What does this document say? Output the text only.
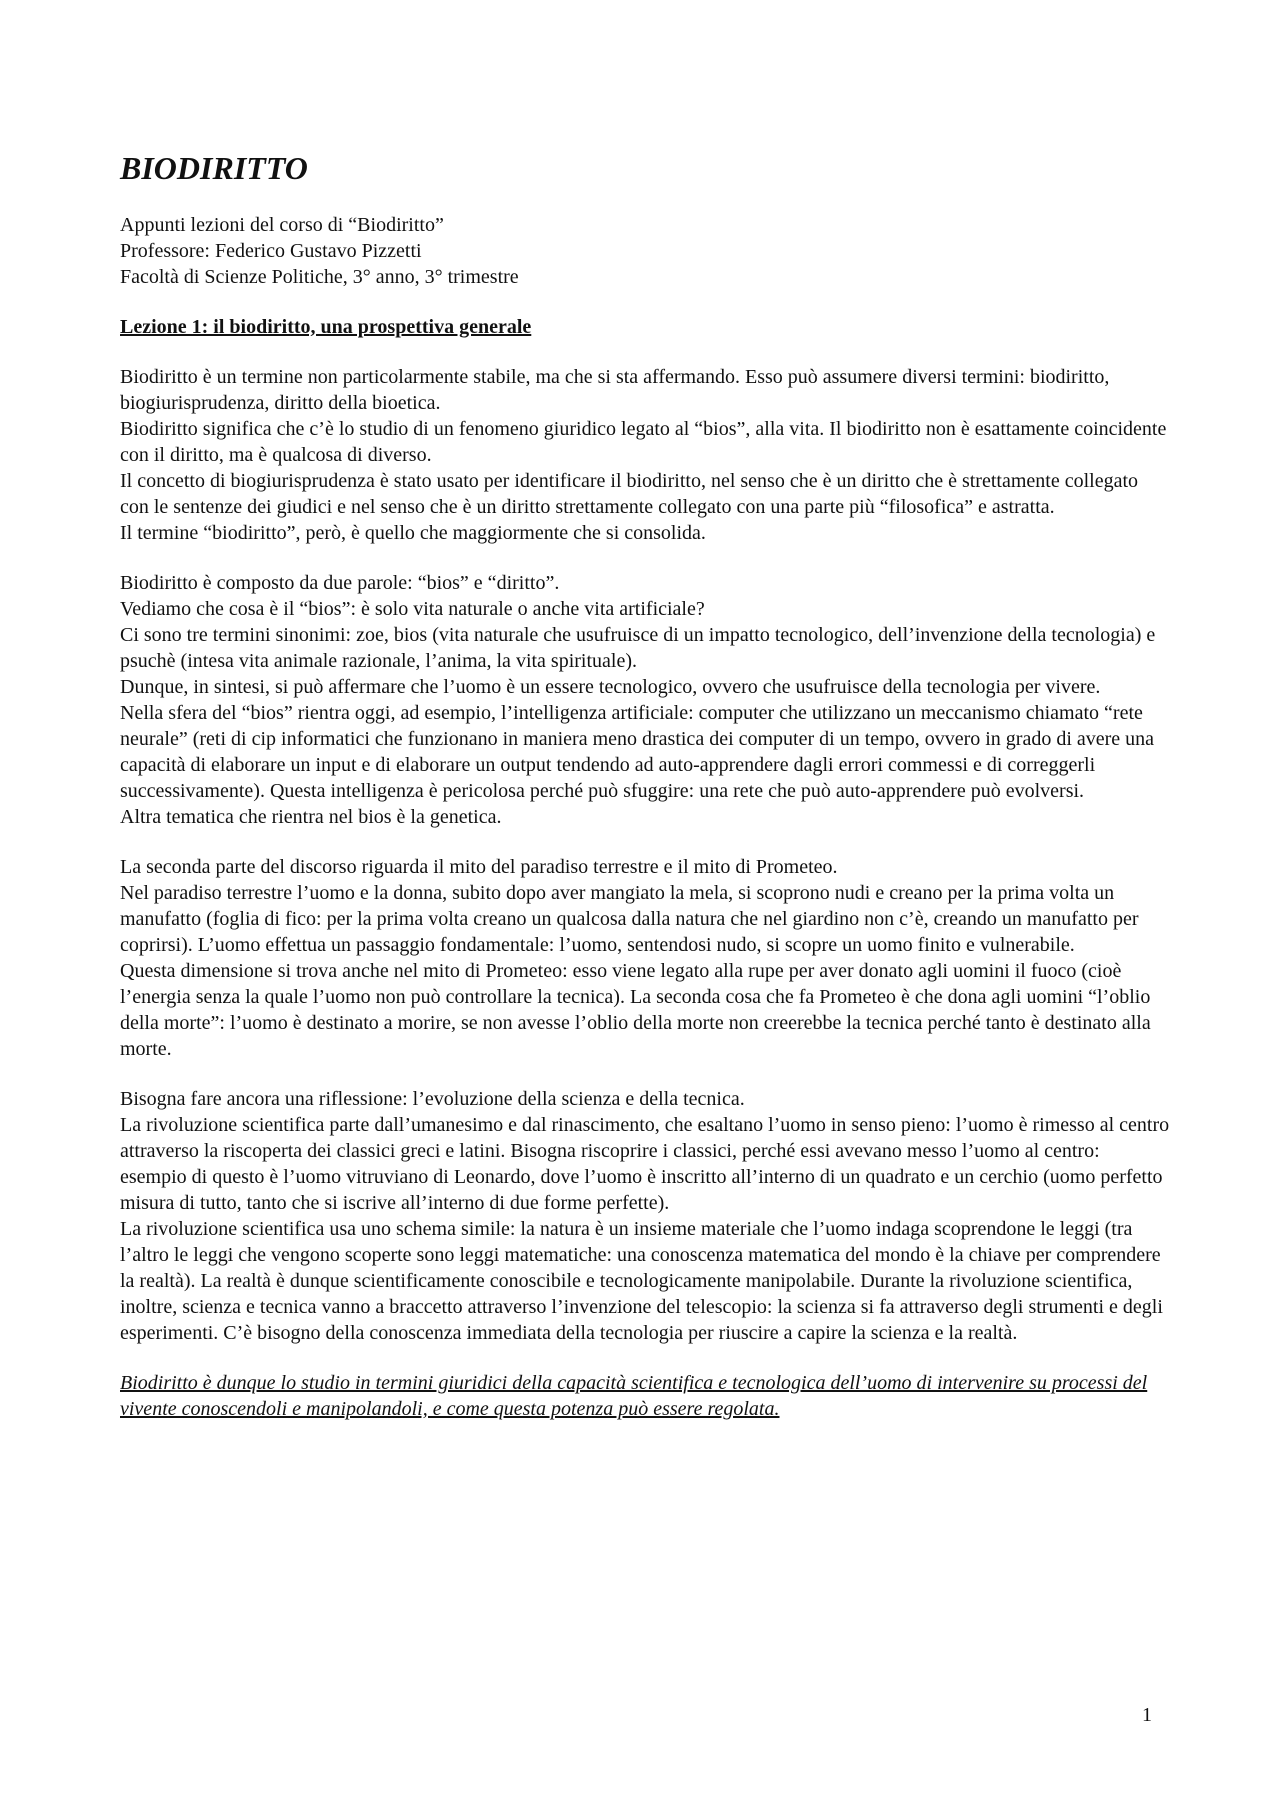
BIODIRITTO

Appunti lezioni del corso di “Biodiritto”

Professore: Federico Gustavo Pizzetti

Facoltà di Scienze Politiche, 3° anno, 3° trimestre

Lezione 1: il biodiritto, una prospettiva generale

Biodiritto è un termine non particolarmente stabile, ma che si sta affermando. Esso può assumere diversi termini: biodiritto, biogiurisprudenza, diritto della bioetica.

Biodiritto significa che c’è lo studio di un fenomeno giuridico legato al “bios”, alla vita. Il biodiritto non è esattamente coincidente con il diritto, ma è qualcosa di diverso.

Il concetto di biogiurisprudenza è stato usato per identificare il biodiritto, nel senso che è un diritto che è strettamente collegato con le sentenze dei giudici e nel senso che è un diritto strettamente collegato con una parte più “filosofica” e astratta.

Il termine “biodiritto”, però, è quello che maggiormente che si consolida.

Biodiritto è composto da due parole: “bios” e “diritto”.

Vediamo che cosa è il “bios”: è solo vita naturale o anche vita artificiale?

Ci sono tre termini sinonimi: zoe, bios (vita naturale che usufruisce di un impatto tecnologico, dell’invenzione della tecnologia) e psuchè (intesa vita animale razionale, l’anima, la vita spirituale).

Dunque, in sintesi, si può affermare che l’uomo è un essere tecnologico, ovvero che usufruisce della tecnologia per vivere.

Nella sfera del “bios” rientra oggi, ad esempio, l’intelligenza artificiale: computer che utilizzano un meccanismo chiamato “rete neurale” (reti di cip informatici che funzionano in maniera meno drastica dei computer di un tempo, ovvero in grado di avere una capacità di elaborare un input e di elaborare un output tendendo ad auto-apprendere dagli errori commessi e di correggerli successivamente). Questa intelligenza è pericolosa perché può sfuggire: una rete che può auto-apprendere può evolversi.

Altra tematica che rientra nel bios è la genetica.

La seconda parte del discorso riguarda il mito del paradiso terrestre e il mito di Prometeo.

Nel paradiso terrestre l’uomo e la donna, subito dopo aver mangiato la mela, si scoprono nudi e creano per la prima volta un manufatto (foglia di fico: per la prima volta creano un qualcosa dalla natura che nel giardino non c’è, creando un manufatto per coprirsi). L’uomo effettua un passaggio fondamentale: l’uomo, sentendosi nudo, si scopre un uomo finito e vulnerabile.

Questa dimensione si trova anche nel mito di Prometeo: esso viene legato alla rupe per aver donato agli uomini il fuoco (cioè l’energia senza la quale l’uomo non può controllare la tecnica). La seconda cosa che fa Prometeo è che dona agli uomini “l’oblio della morte”: l’uomo è destinato a morire, se non avesse l’oblio della morte non creerebbe la tecnica perché tanto è destinato alla morte.

Bisogna fare ancora una riflessione: l’evoluzione della scienza e della tecnica.

La rivoluzione scientifica parte dall’umanesimo e dal rinascimento, che esaltano l’uomo in senso pieno: l’uomo è rimesso al centro attraverso la riscoperta dei classici greci e latini. Bisogna riscoprire i classici, perché essi avevano messo l’uomo al centro: esempio di questo è l’uomo vitruviano di Leonardo, dove l’uomo è inscritto all’interno di un quadrato e un cerchio (uomo perfetto misura di tutto, tanto che si iscrive all’interno di due forme perfette).

La rivoluzione scientifica usa uno schema simile: la natura è un insieme materiale che l’uomo indaga scoprendone le leggi (tra l’altro le leggi che vengono scoperte sono leggi matematiche: una conoscenza matematica del mondo è la chiave per comprendere la realtà). La realtà è dunque scientificamente conoscibile e tecnologicamente manipolabile. Durante la rivoluzione scientifica, inoltre, scienza e tecnica vanno a braccetto attraverso l’invenzione del telescopio: la scienza si fa attraverso degli strumenti e degli esperimenti. C’è bisogno della conoscenza immediata della tecnologia per riuscire a capire la scienza e la realtà.

Biodiritto è dunque lo studio in termini giuridici della capacità scientifica e tecnologica dell’uomo di intervenire su processi del vivente conoscendoli e manipolandoli, e come questa potenza può essere regolata.

1
